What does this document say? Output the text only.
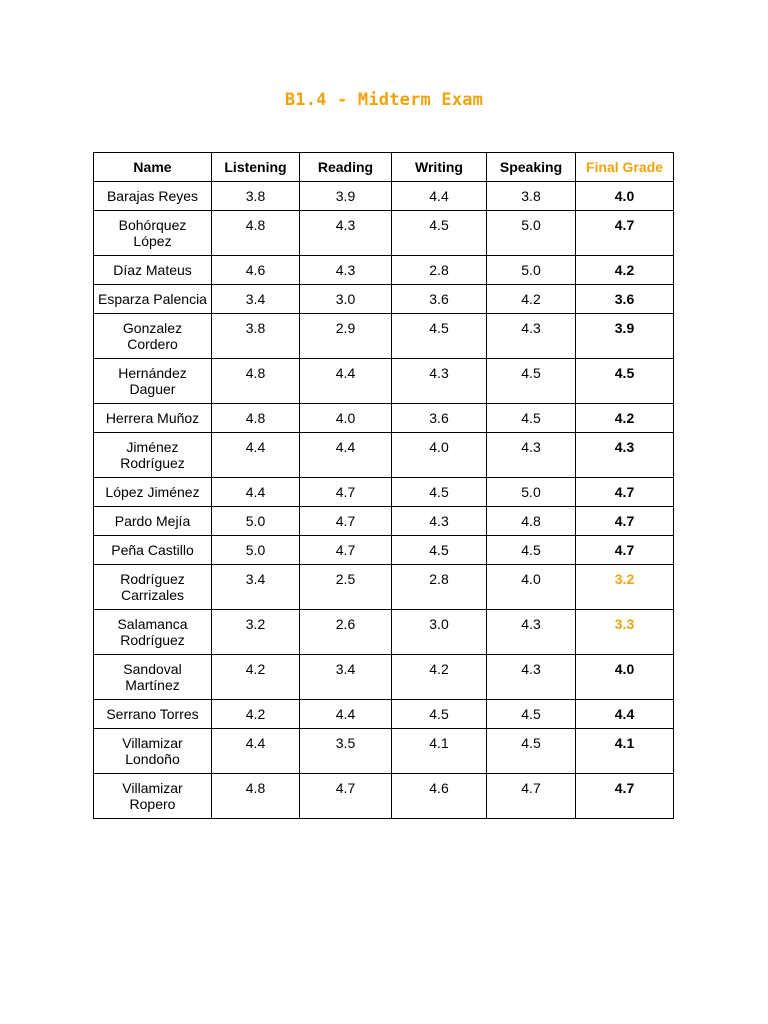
B1.4 - Midterm Exam
Name	Listening	Reading	Writing	Speaking	Final Grade
Barajas Reyes	3.8	3.9	4.4	3.8	4.0
Bohórquez López	4.8	4.3	4.5	5.0	4.7
Díaz Mateus	4.6	4.3	2.8	5.0	4.2
Esparza Palencia	3.4	3.0	3.6	4.2	3.6
Gonzalez Cordero	3.8	2.9	4.5	4.3	3.9
Hernández Daguer	4.8	4.4	4.3	4.5	4.5
Herrera Muñoz	4.8	4.0	3.6	4.5	4.2
Jiménez Rodríguez	4.4	4.4	4.0	4.3	4.3
López Jiménez	4.4	4.7	4.5	5.0	4.7
Pardo Mejía	5.0	4.7	4.3	4.8	4.7
Peña Castillo	5.0	4.7	4.5	4.5	4.7
Rodríguez Carrizales	3.4	2.5	2.8	4.0	3.2
Salamanca Rodríguez	3.2	2.6	3.0	4.3	3.3
Sandoval Martínez	4.2	3.4	4.2	4.3	4.0
Serrano Torres	4.2	4.4	4.5	4.5	4.4
Villamizar Londoño	4.4	3.5	4.1	4.5	4.1
Villamizar Ropero	4.8	4.7	4.6	4.7	4.7
